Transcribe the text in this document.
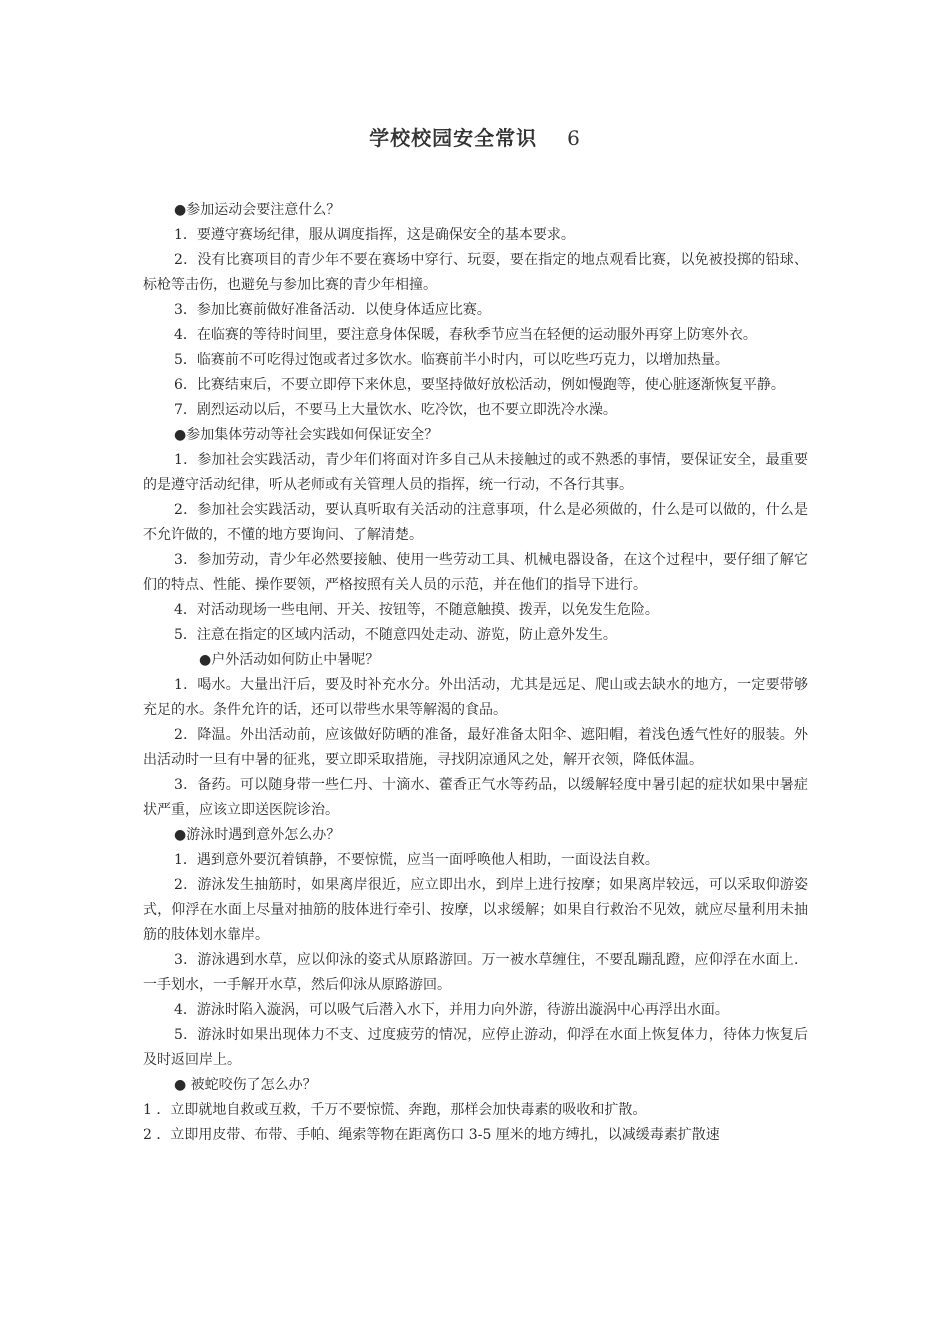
学校校园安全常识 6

●参加运动会要注意什么？

1．要遵守赛场纪律，服从调度指挥，这是确保安全的基本要求。

2．没有比赛项目的青少年不要在赛场中穿行、玩耍，要在指定的地点观看比赛，以免被投掷的铅球、标枪等击伤，也避免与参加比赛的青少年相撞。

3．参加比赛前做好准备活动．以使身体适应比赛。

4．在临赛的等待时间里，要注意身体保暖，春秋季节应当在轻便的运动服外再穿上防寒外衣。

5．临赛前不可吃得过饱或者过多饮水。临赛前半小时内，可以吃些巧克力，以增加热量。

6．比赛结束后，不要立即停下来休息，要坚持做好放松活动，例如慢跑等，使心脏逐渐恢复平静。

7．剧烈运动以后，不要马上大量饮水、吃冷饮，也不要立即洗冷水澡。

●参加集体劳动等社会实践如何保证安全？

1．参加社会实践活动，青少年们将面对许多自己从未接触过的或不熟悉的事情，要保证安全，最重要的是遵守活动纪律，听从老师或有关管理人员的指挥，统一行动，不各行其事。

2．参加社会实践活动，要认真听取有关活动的注意事项，什么是必须做的，什么是可以做的，什么是不允许做的，不懂的地方要询问、了解清楚。

3．参加劳动，青少年必然要接触、使用一些劳动工具、机械电器设备，在这个过程中，要仔细了解它们的特点、性能、操作要领，严格按照有关人员的示范，并在他们的指导下进行。

4．对活动现场一些电闸、开关、按钮等，不随意触摸、拨弄，以免发生危险。

5．注意在指定的区域内活动，不随意四处走动、游览，防止意外发生。

●户外活动如何防止中暑呢？

1．喝水。大量出汗后，要及时补充水分。外出活动，尤其是远足、爬山或去缺水的地方，一定要带够充足的水。条件允许的话，还可以带些水果等解渴的食品。

2．降温。外出活动前，应该做好防晒的准备，最好准备太阳伞、遮阳帽，着浅色透气性好的服装。外出活动时一旦有中暑的征兆，要立即采取措施，寻找阴凉通风之处，解开衣领，降低体温。

3．备药。可以随身带一些仁丹、十滴水、藿香正气水等药品，以缓解轻度中暑引起的症状如果中暑症状严重，应该立即送医院诊治。

●游泳时遇到意外怎么办？

1．遇到意外要沉着镇静，不要惊慌，应当一面呼唤他人相助，一面设法自救。

2．游泳发生抽筋时，如果离岸很近，应立即出水，到岸上进行按摩；如果离岸较远，可以采取仰游姿式，仰浮在水面上尽量对抽筋的肢体进行牵引、按摩，以求缓解；如果自行救治不见效，就应尽量利用未抽筋的肢体划水靠岸。

3．游泳遇到水草，应以仰泳的姿式从原路游回。万一被水草缠住，不要乱蹦乱蹬，应仰浮在水面上．一手划水，一手解开水草，然后仰泳从原路游回。

4．游泳时陷入漩涡，可以吸气后潜入水下，并用力向外游，待游出漩涡中心再浮出水面。

5．游泳时如果出现体力不支、过度疲劳的情况，应停止游动，仰浮在水面上恢复体力，待体力恢复后及时返回岸上。

● 被蛇咬伤了怎么办？

1 ．立即就地自救或互救，千万不要惊慌、奔跑，那样会加快毒素的吸收和扩散。

2 ．立即用皮带、布带、手帕、绳索等物在距离伤口 3-5 厘米的地方缚扎，以减缓毒素扩散速
